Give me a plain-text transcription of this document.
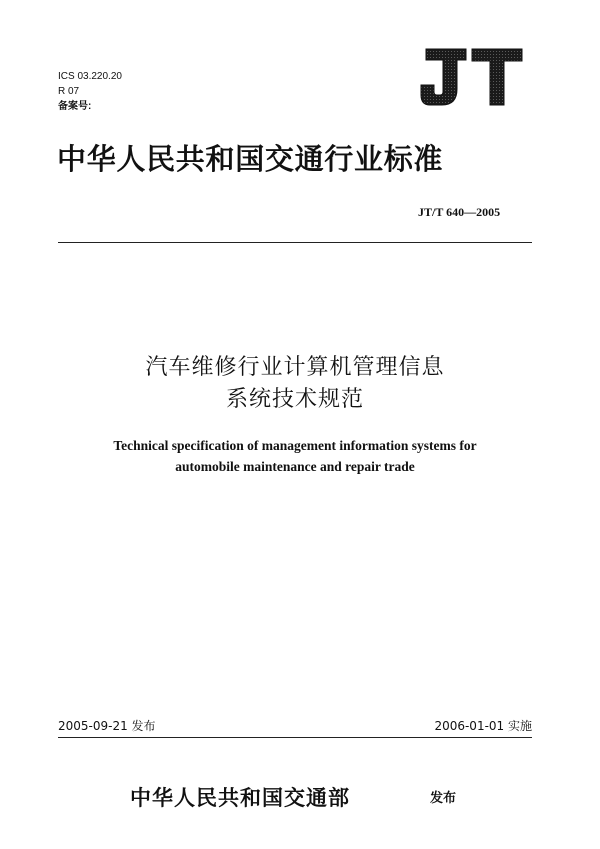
ICS 03.220.20
R 07
备案号:
中华人民共和国交通行业标准
JT/T 640—2005
汽车维修行业计算机管理信息
系统技术规范
Technical specification of management information systems for
automobile maintenance and repair trade
2005-09-21 发布	2006-01-01 实施
中华人民共和国交通部	发布
